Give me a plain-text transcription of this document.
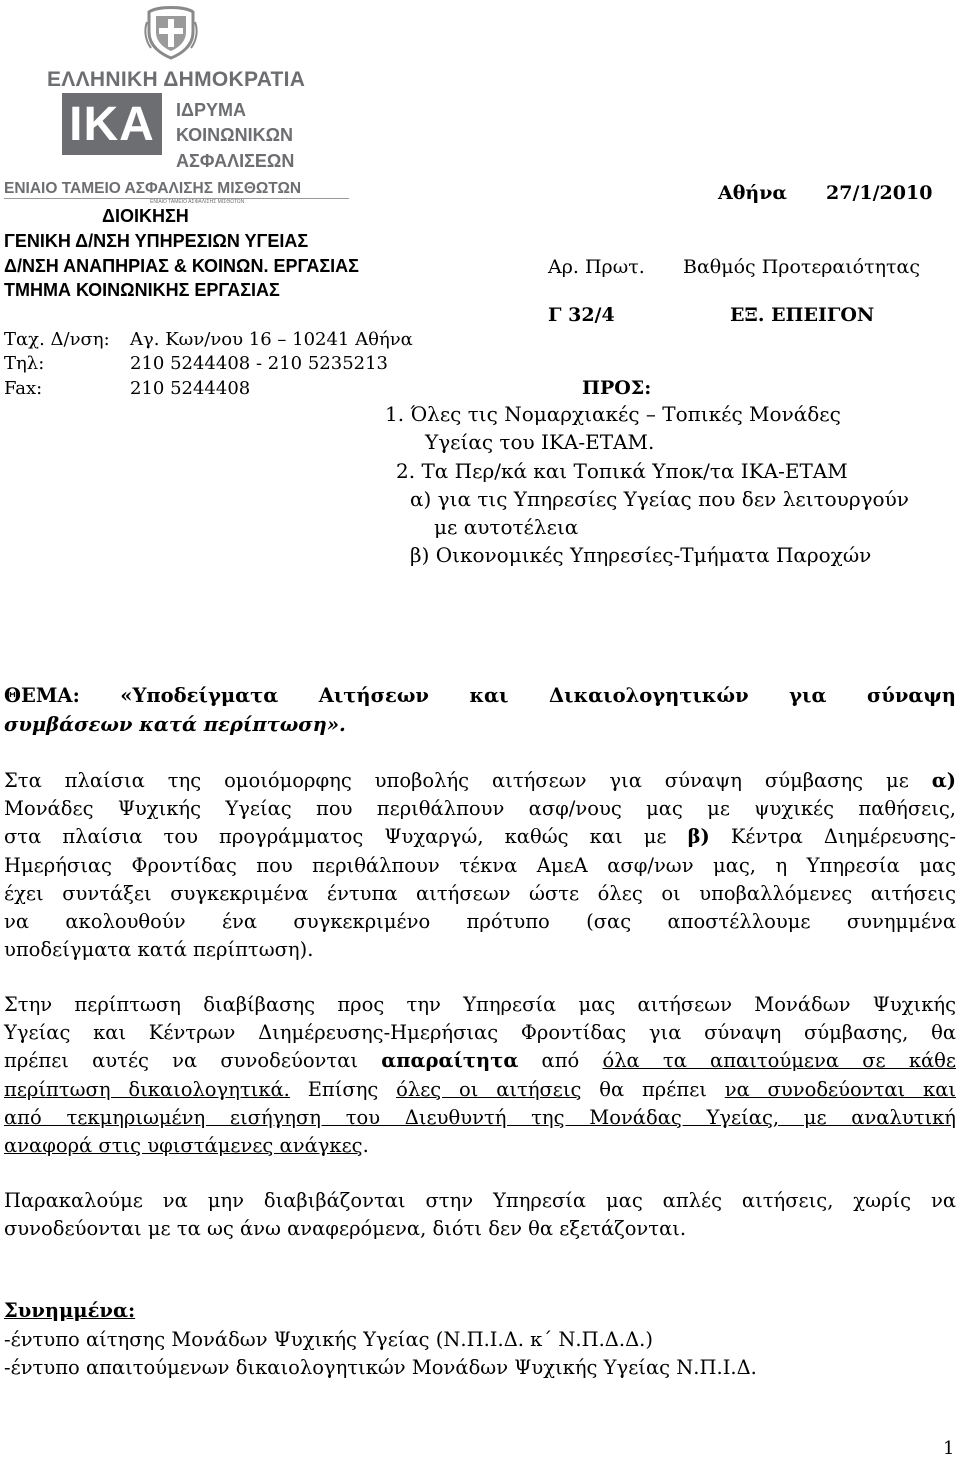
ΕΛΛΗΝΙΚΗ ΔΗΜΟΚΡΑΤΙΑ
ΙΚΑ	ΙΔΡΥΜΑ
ΚΟΙΝΩΝΙΚΩΝ
ΑΣΦΑΛΙΣΕΩΝ
ΕΝΙΑΙΟ ΤΑΜΕΙΟ ΑΣΦΑΛΙΣΗΣ ΜΙΣΘΩΤΩΝ
ΕΝΙΑΙΟ ΤΑΜΕΙΟ ΑΣΦΑΛΙΣΗΣ ΜΙΣΘΩΤΩΝ	Αθήνα 27/1/2010
ΔΙΟΙΚΗΣΗ
ΓΕΝΙΚΗ Δ/ΝΣΗ ΥΠΗΡΕΣΙΩΝ ΥΓΕΙΑΣ
Δ/ΝΣΗ ΑΝΑΠΗΡΙΑΣ & ΚΟΙΝΩΝ. ΕΡΓΑΣΙΑΣ
ΤΜΗΜΑ ΚΟΙΝΩΝΙΚΗΣ ΕΡΓΑΣΙΑΣ
Ταχ. Δ/νση: Αγ. Κων/νου 16 – 10241 Αθήνα
Τηλ:	210 5244408 - 210 5235213
Fax:	210 5244408
Αρ. Πρωτ. Βαθμός Προτεραιότητας
Γ 32/4	ΕΞ. ΕΠΕΙΓΟΝ
ΠΡΟΣ:
1. Όλες τις Νομαρχιακές – Τοπικές Μονάδες
Υγείας του ΙΚΑ-ΕΤΑΜ.
2. Τα Περ/κά και Τοπικά Υποκ/τα ΙΚΑ-ΕΤΑΜ
α) για τις Υπηρεσίες Υγείας που δεν λειτουργούν
με αυτοτέλεια
β) Οικονομικές Υπηρεσίες-Τμήματα Παροχών
ΘΕΜΑ: «Υποδείγματα Αιτήσεων και Δικαιολογητικών για σύναψη
συμβάσεων κατά περίπτωση».
Στα πλαίσια της ομοιόμορφης υποβολής αιτήσεων για σύναψη σύμβασης με α)
Μονάδες Ψυχικής Υγείας που περιθάλπουν ασφ/νους μας με ψυχικές παθήσεις,
στα πλαίσια του προγράμματος Ψυχαργώ, καθώς και με β) Κέντρα Διημέρευσης-
Ημερήσιας Φροντίδας που περιθάλπουν τέκνα ΑμεΑ ασφ/νων μας, η Υπηρεσία μας
έχει συντάξει συγκεκριμένα έντυπα αιτήσεων ώστε όλες οι υποβαλλόμενες αιτήσεις
να ακολουθούν ένα συγκεκριμένο πρότυπο (σας αποστέλλουμε συνημμένα
υποδείγματα κατά περίπτωση).
Στην περίπτωση διαβίβασης προς την Υπηρεσία μας αιτήσεων Μονάδων Ψυχικής
Υγείας και Κέντρων Διημέρευσης-Ημερήσιας Φροντίδας για σύναψη σύμβασης, θα
πρέπει αυτές να συνοδεύονται απαραίτητα από όλα τα απαιτούμενα σε κάθε
περίπτωση δικαιολογητικά. Επίσης όλες οι αιτήσεις θα πρέπει να συνοδεύονται και
από τεκμηριωμένη εισήγηση του Διευθυντή της Μονάδας Υγείας, με αναλυτική
αναφορά στις υφιστάμενες ανάγκες.
Παρακαλούμε να μην διαβιβάζονται στην Υπηρεσία μας απλές αιτήσεις, χωρίς να
συνοδεύονται με τα ως άνω αναφερόμενα, διότι δεν θα εξετάζονται.
Συνημμένα:
-έντυπο αίτησης Μονάδων Ψυχικής Υγείας (Ν.Π.Ι.Δ. κ΄ Ν.Π.Δ.Δ.)
-έντυπο απαιτούμενων δικαιολογητικών Μονάδων Ψυχικής Υγείας Ν.Π.Ι.Δ.
1
